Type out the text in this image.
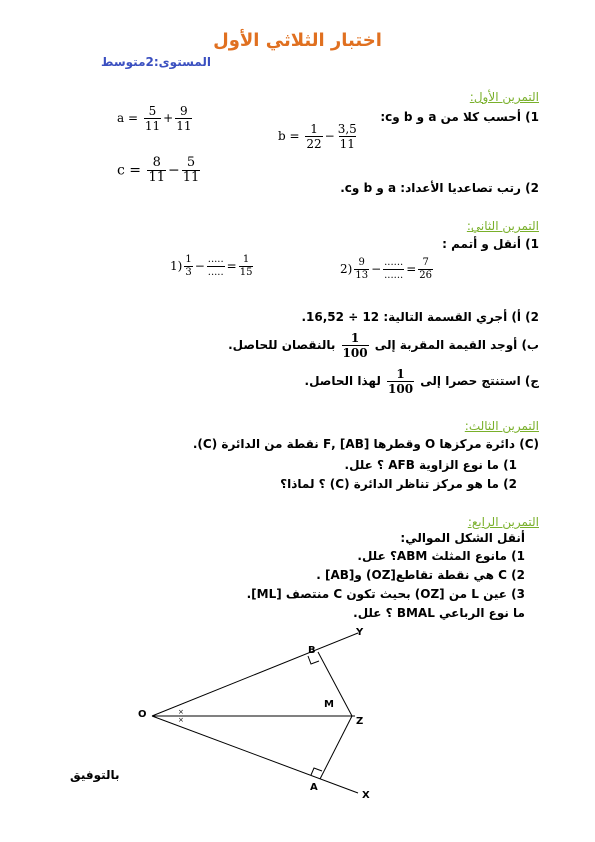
اختبار الثلاثي الأول
المستوى:2متوسط
التمرين الأول:
1) أحسب كلا من a و b وc:
$a = \frac{5}{11} + \frac{9}{11}$
$b = \frac{1}{22} - \frac{3,5}{11}$
$c = \frac{8}{11} - \frac{5}{11}$
2) رتب تصاعديا الأعداد: a و b وc.
التمرين الثاني:
1) أنقل و أتمم :
$1) \frac{1}{3} - \frac{.....}{.....} = \frac{1}{15}$	$2) \frac{9}{13} - \frac{......}{......} = \frac{7}{26}$
2) أ) أجري القسمة التالية: 12 ÷ 16,52.
ب) أوجد القيمة المقربة إلى
$\frac{1}{100}$
بالنقصان للحاصل.
ج) استنتج حصرا إلى
$\frac{1}{100}$
لهذا الحاصل.
التمرين الثالث:
(C) دائرة مركزها O وقطرها [AB] ,F نقطة من الدائرة (C).
1) ما نوع الزاوية AFB ؟ علل.
2) ما هو مركز تناظر الدائرة (C) ؟ لماذا؟
التمرين الرابع:
أنقل الشكل الموالي:
1) مانوع المثلث ABM؟ علل.
2) C هي نقطة تقاطع[OZ) و[AB] .
3) عين L من [OZ) بحيث تكون C منتصف [ML].
ما نوع الرباعي BMAL ؟ علل.
×
×
O
B
M
Z
Y
A
X
بالتوفيق
